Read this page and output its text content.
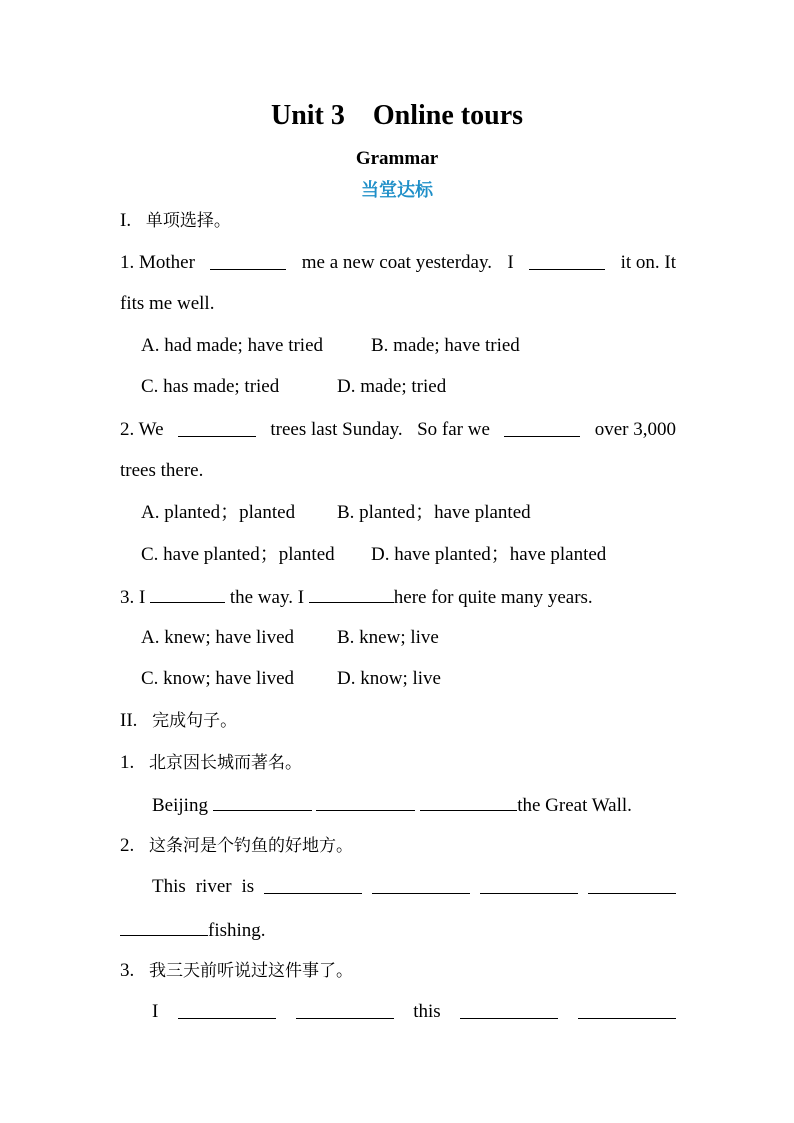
Unit 3    Online tours
Grammar
当堂达标
I. 单项选择。
1. Mother	me a new coat yesterday. I	it on. It
fits me well.
A. had made; have tried	B. made; have tried
C. has made; tried	D. made; tried
2. We	trees last Sunday. So far we	over 3,000
trees there.
A. planted；planted B. planted；have planted
C. have planted；planted D. have planted；have planted
3. I	the way. I	here for quite many years.
A. knew; have lived B. knew; live
C. know; have lived D. know; live
II. 完成句子。
1. 北京因长城而著名。
Beijing	the Great Wall.
2. 这条河是个钓鱼的好地方。
This river is
fishing.
3. 我三天前听说过这件事了。
I	this
